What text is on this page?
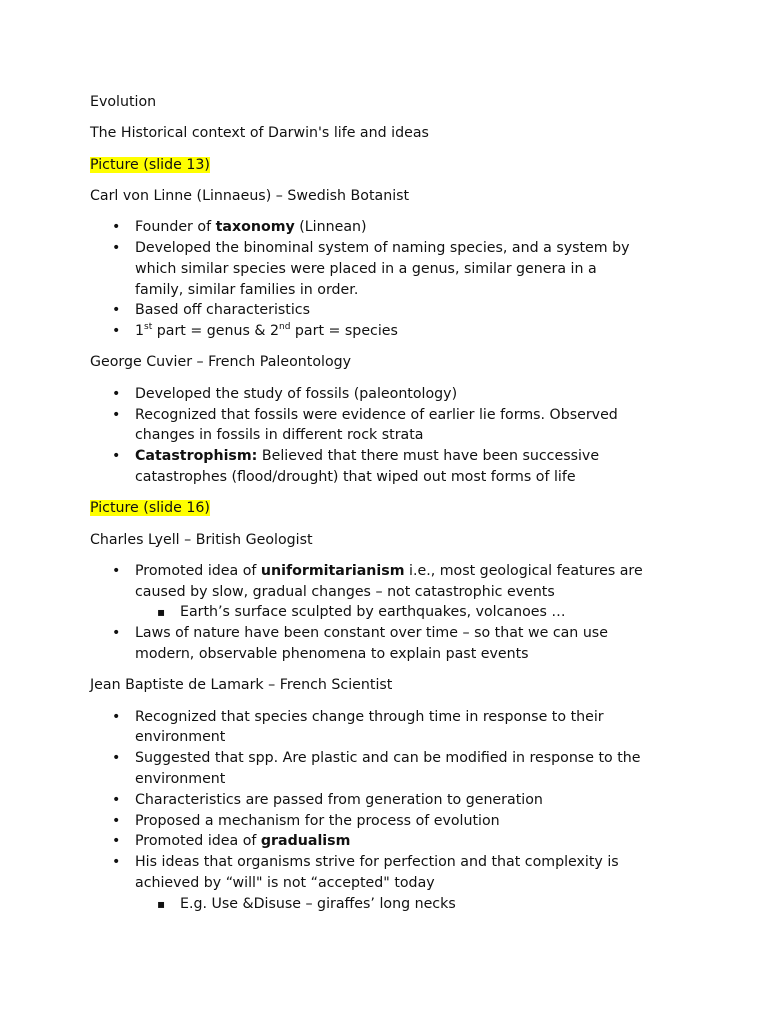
Evolution

The Historical context of Darwin's life and ideas

Picture (slide 13)

Carl von Linne (Linnaeus) – Swedish Botanist

• Founder of taxonomy (Linnean)
• Developed the binominal system of naming species, and a system by
which similar species were placed in a genus, similar genera in a
family, similar families in order.
• Based off characteristics
• 1st part = genus & 2nd part = species

George Cuvier – French Paleontology

• Developed the study of fossils (paleontology)
• Recognized that fossils were evidence of earlier lie forms. Observed
changes in fossils in different rock strata
• Catastrophism: Believed that there must have been successive
catastrophes (flood/drought) that wiped out most forms of life

Picture (slide 16)

Charles Lyell – British Geologist

• Promoted idea of uniformitarianism i.e., most geological features are
caused by slow, gradual changes – not catastrophic events
▪ Earth’s surface sculpted by earthquakes, volcanoes …
• Laws of nature have been constant over time – so that we can use
modern, observable phenomena to explain past events

Jean Baptiste de Lamark – French Scientist

• Recognized that species change through time in response to their
environment
• Suggested that spp. Are plastic and can be modified in response to the
environment
• Characteristics are passed from generation to generation
• Proposed a mechanism for the process of evolution
• Promoted idea of gradualism
• His ideas that organisms strive for perfection and that complexity is
achieved by “will" is not “accepted" today
▪ E.g. Use &Disuse – giraffes’ long necks
